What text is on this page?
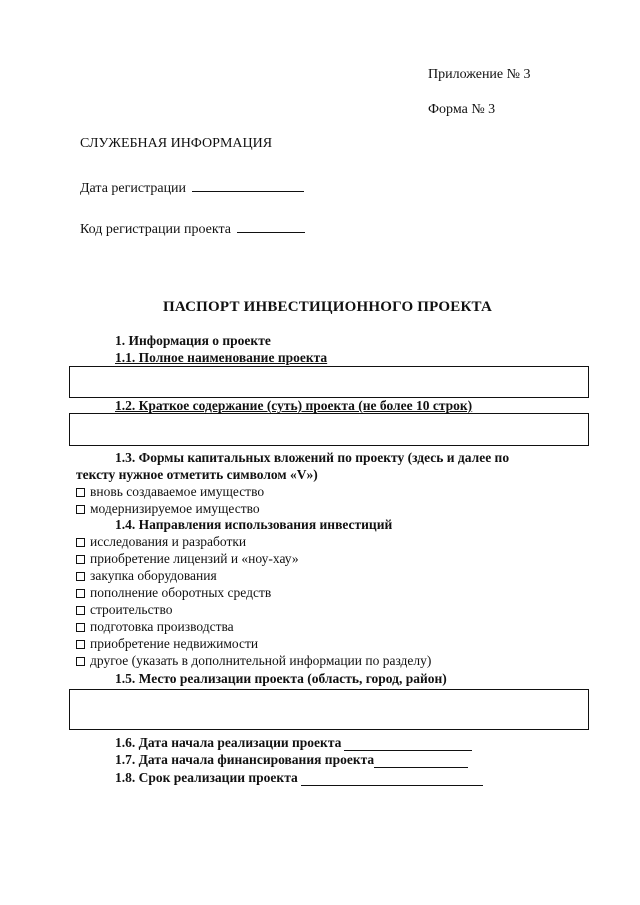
Приложение № 3
Форма № 3
СЛУЖЕБНАЯ ИНФОРМАЦИЯ
Дата регистрации
Код регистрации проекта
ПАСПОРТ ИНВЕСТИЦИОННОГО ПРОЕКТА
1. Информация о проекте
1.1. Полное наименование проекта
1.2. Краткое содержание (суть) проекта (не более 10 строк)
1.3. Формы капитальных вложений по проекту (здесь и далее по
тексту нужное отметить символом «V»)
вновь создаваемое имущество
модернизируемое имущество
1.4. Направления использования инвестиций
исследования и разработки
приобретение лицензий и «ноу-хау»
закупка оборудования
пополнение оборотных средств
строительство
подготовка производства
приобретение недвижимости
другое (указать в дополнительной информации по разделу)
1.5. Место реализации проекта (область, город, район)
1.6. Дата начала реализации проекта
1.7. Дата начала финансирования проекта
1.8. Срок реализации проекта
